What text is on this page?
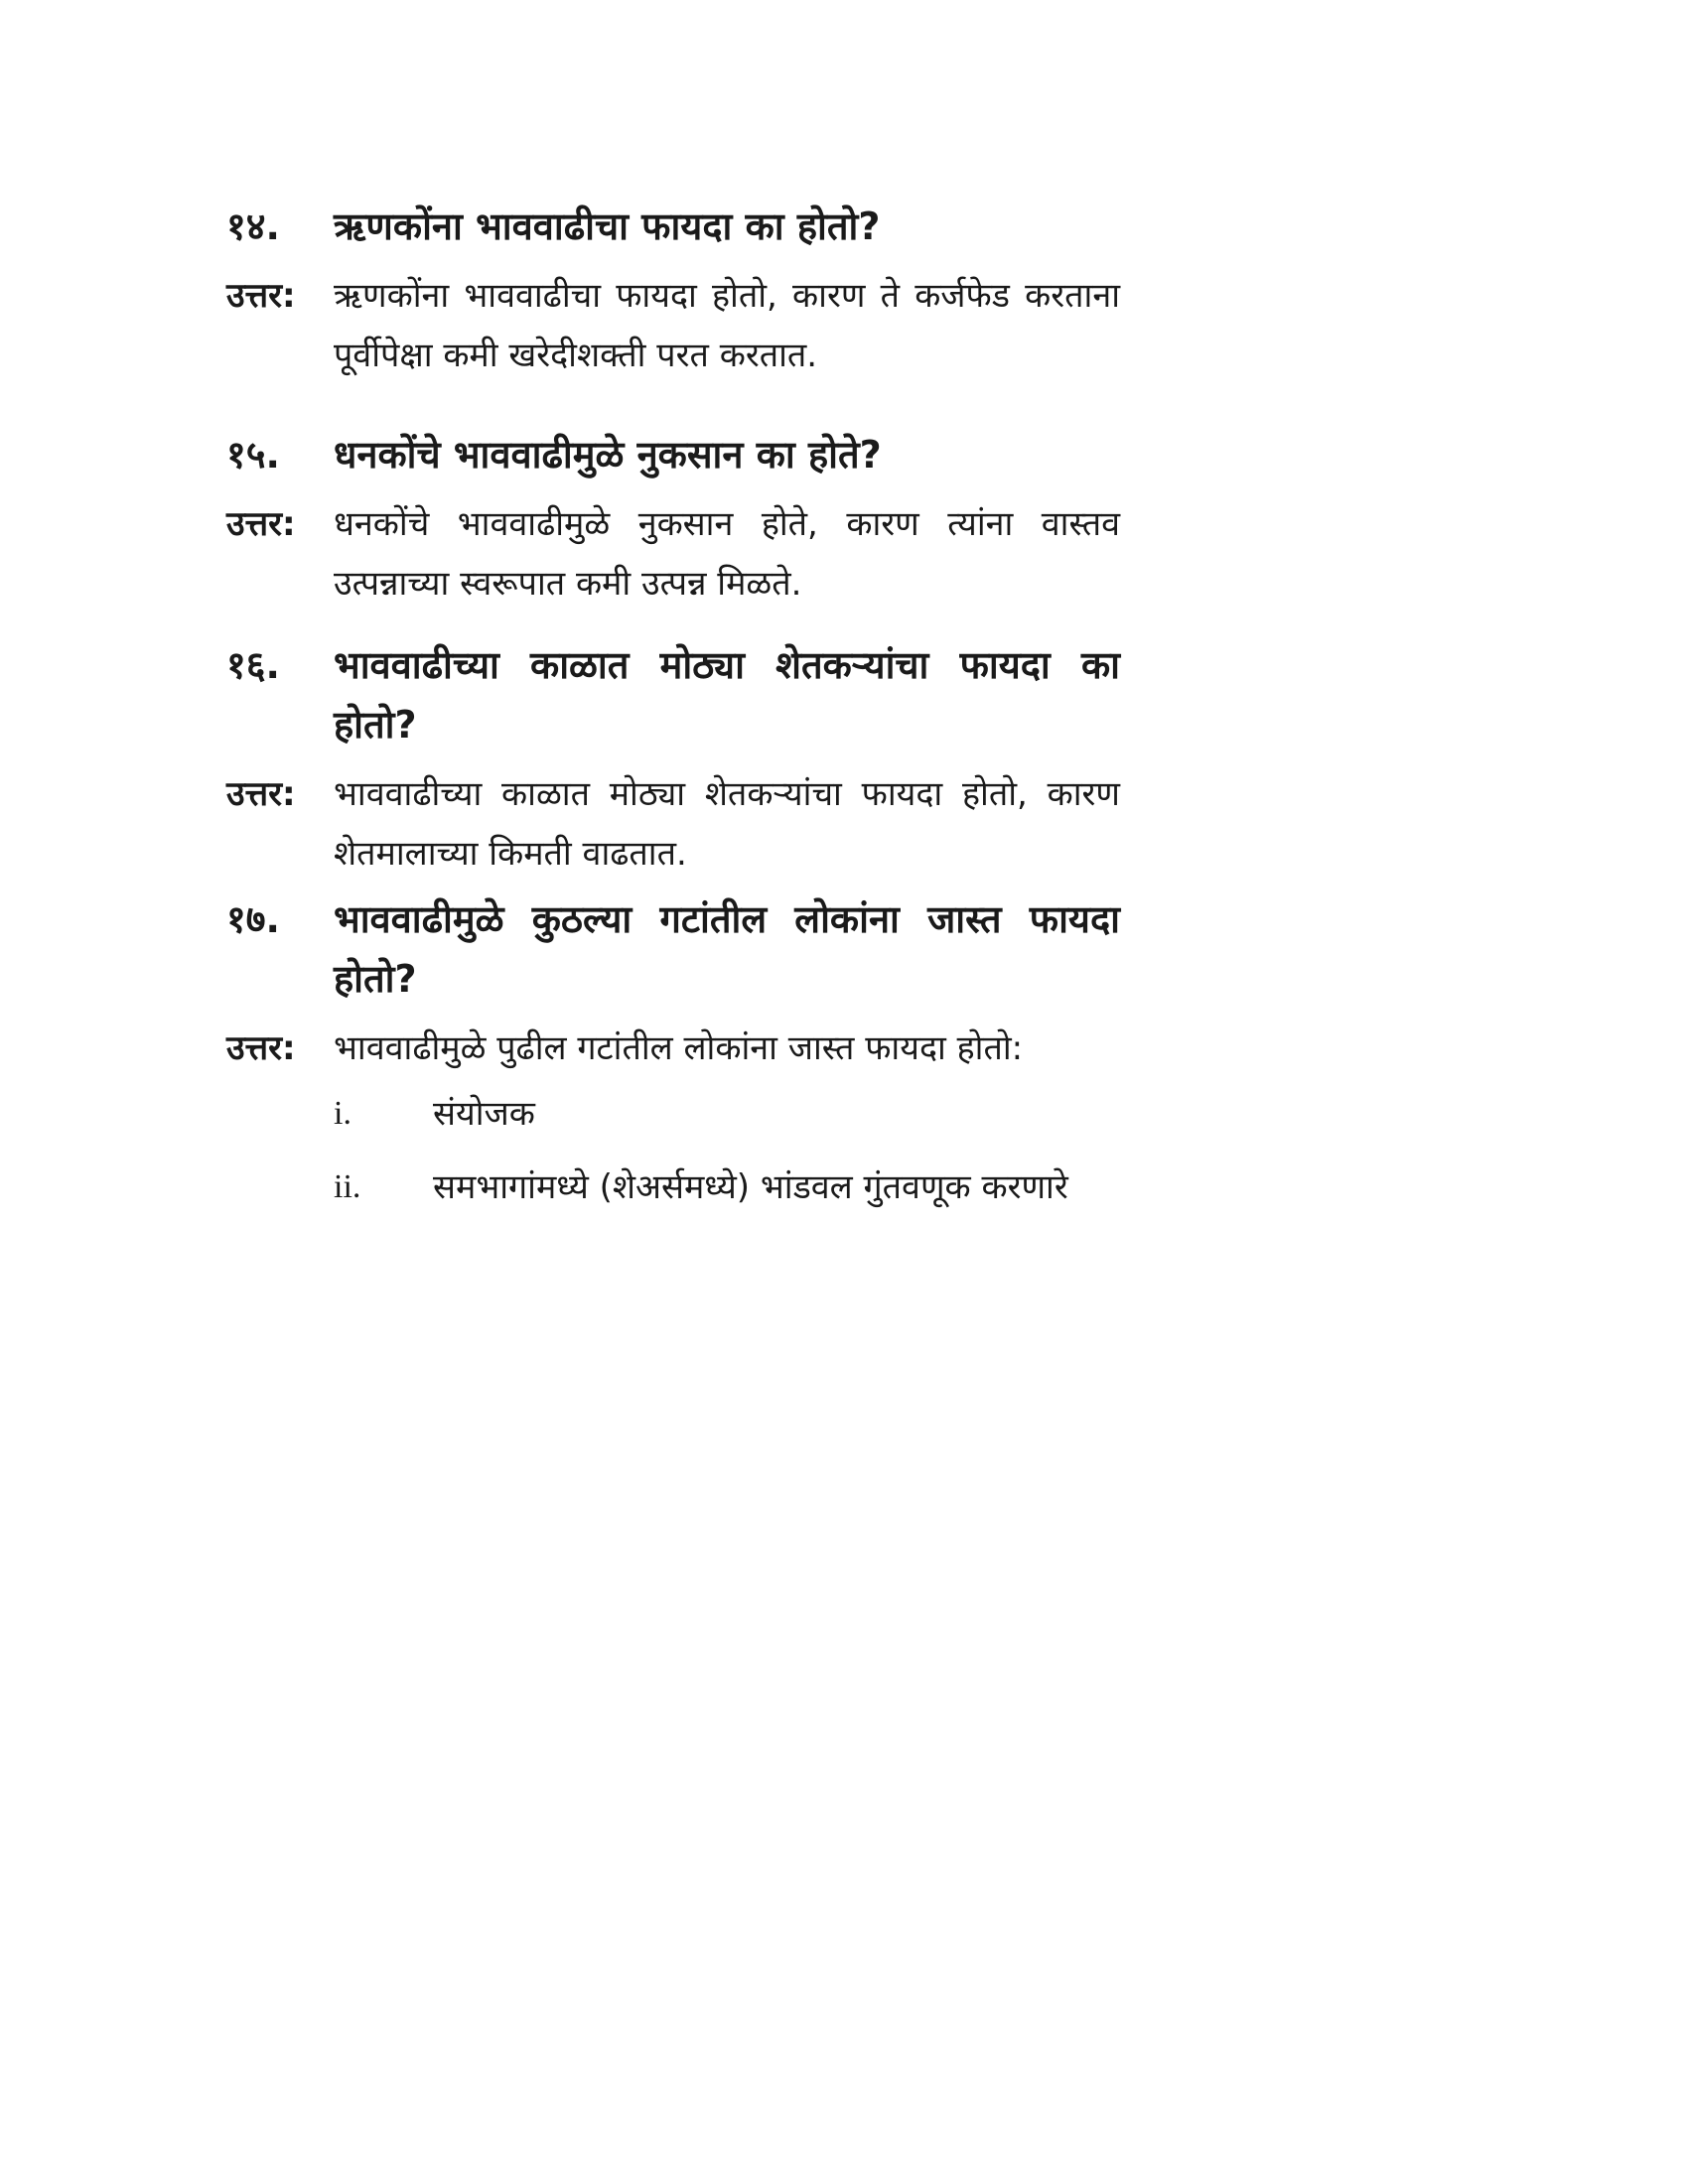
१४.	ऋणकोंना भाववाढीचा फायदा का होतो?
उत्तर:	ऋणकोंना भाववाढीचा फायदा होतो, कारण ते कर्जफेड करताना पूर्वीपेक्षा कमी खरेदीशक्ती परत करतात.
१५.	धनकोंचे भाववाढीमुळे नुकसान का होते?
उत्तर:	धनकोंचे भाववाढीमुळे नुकसान होते, कारण त्यांना वास्तव उत्पन्नाच्या स्वरूपात कमी उत्पन्न मिळते.
१६.	भाववाढीच्या काळात मोठ्या शेतकऱ्यांचा फायदा का होतो?
उत्तर:	भाववाढीच्या काळात मोठ्या शेतकऱ्यांचा फायदा होतो, कारण शेतमालाच्या किमती वाढतात.
१७.	भाववाढीमुळे कुठल्या गटांतील लोकांना जास्त फायदा होतो?
उत्तर:	भाववाढीमुळे पुढील गटांतील लोकांना जास्त फायदा होतो:
i.	संयोजक
ii.	समभागांमध्ये (शेअर्समध्ये) भांडवल गुंतवणूक करणारे
